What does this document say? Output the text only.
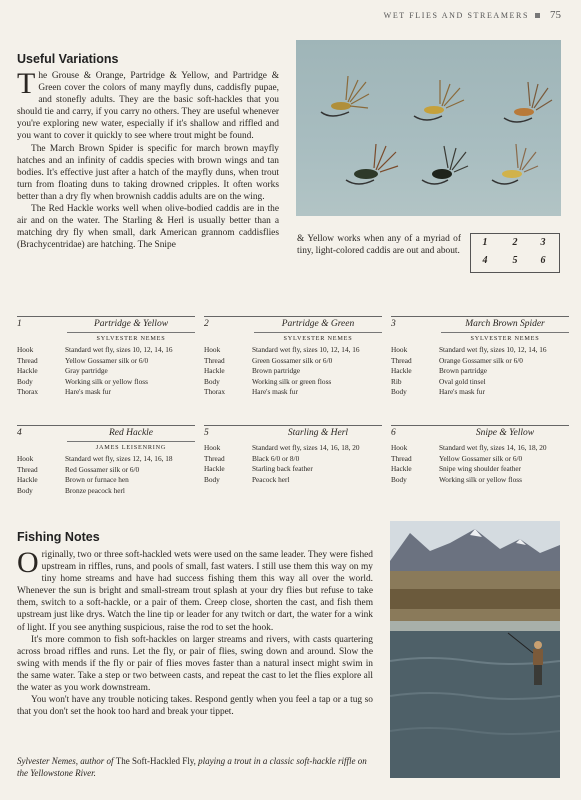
WET FLIES AND STREAMERS 75
Useful Variations

The Grouse & Orange, Partridge & Yellow, and Partridge & Green cover the colors of many mayfly duns, caddisfly pupae, and stonefly adults. They are the basic soft-hackles that you should tie and carry, if you carry no others. They are useful whenever you're exploring new water, especially if it's shallow and riffled and you want to cover it quickly to see where trout might be found.

The March Brown Spider is specific for march brown mayfly hatches and an infinity of caddis species with brown wings and tan bodies. It's effective just after a hatch of the mayfly duns, when trout turn from floating duns to taking drowned cripples. It often works better than a dry fly when brownish caddis adults are on the wing.

The Red Hackle works well when olive-bodied caddis are in the air and on the water. The Starling & Herl is usually better than a matching dry fly when small, dark American grannom caddisflies (Brachycentridae) are hatching. The Snipe

& Yellow works when any of a myriad of tiny, light-colored caddis are out and about.

1	2	3
4	5	6
1	Partridge & Yellow
SYLVESTER NEMES
Hook	Standard wet fly, sizes 10, 12, 14, 16
Thread	Yellow Gossamer silk or 6/0
Hackle	Gray partridge
Body	Working silk or yellow floss
Thorax	Hare's mask fur
2	Partridge & Green
SYLVESTER NEMES
Hook	Standard wet fly, sizes 10, 12, 14, 16
Thread	Green Gossamer silk or 6/0
Hackle	Brown partridge
Body	Working silk or green floss
Thorax	Hare's mask fur
3	March Brown Spider
SYLVESTER NEMES
Hook	Standard wet fly, sizes 10, 12, 14, 16
Thread	Orange Gossamer silk or 6/0
Hackle	Brown partridge
Rib	Oval gold tinsel
Body	Hare's mask fur
4	Red Hackle
JAMES LEISENRING
Hook	Standard wet fly, sizes 12, 14, 16, 18
Thread	Red Gossamer silk or 6/0
Hackle	Brown or furnace hen
Body	Bronze peacock herl
5	Starling & Herl
Hook	Standard wet fly, sizes 14, 16, 18, 20
Thread	Black 6/0 or 8/0
Hackle	Starling back feather
Body	Peacock herl
6	Snipe & Yellow
Hook	Standard wet fly, sizes 14, 16, 18, 20
Thread	Yellow Gossamer silk or 6/0
Hackle	Snipe wing shoulder feather
Body	Working silk or yellow floss
Fishing Notes

Originally, two or three soft-hackled wets were used on the same leader. They were fished upstream in riffles, runs, and pools of small, fast waters. I still use them this way on my tiny home streams and have had success fishing them this way all over the world. Whenever the sun is bright and small-stream trout splash at your dry flies but refuse to take them, switch to a soft-hackle, or a pair of them. Creep close, shorten the cast, and fish them upstream just like drys. Watch the line tip or leader for any twitch or dart, the water for a wink of light. If you see anything suspicious, raise the rod to set the hook.

It's more common to fish soft-hackles on larger streams and rivers, with casts quartering across broad riffles and runs. Let the fly, or pair of flies, swing down and around. Slow the swing with mends if the fly or pair of flies moves faster than a natural insect might swim in the same water. Take a step or two between casts, and repeat the cast to let the flies explore all the water as you work downstream.

You won't have any trouble noticing takes. Respond gently when you feel a tap or a tug so that you don't set the hook too hard and break your tippet.

Sylvester Nemes, author of The Soft-Hackled Fly, playing a trout in a classic soft-hackle riffle on the Yellowstone River.
